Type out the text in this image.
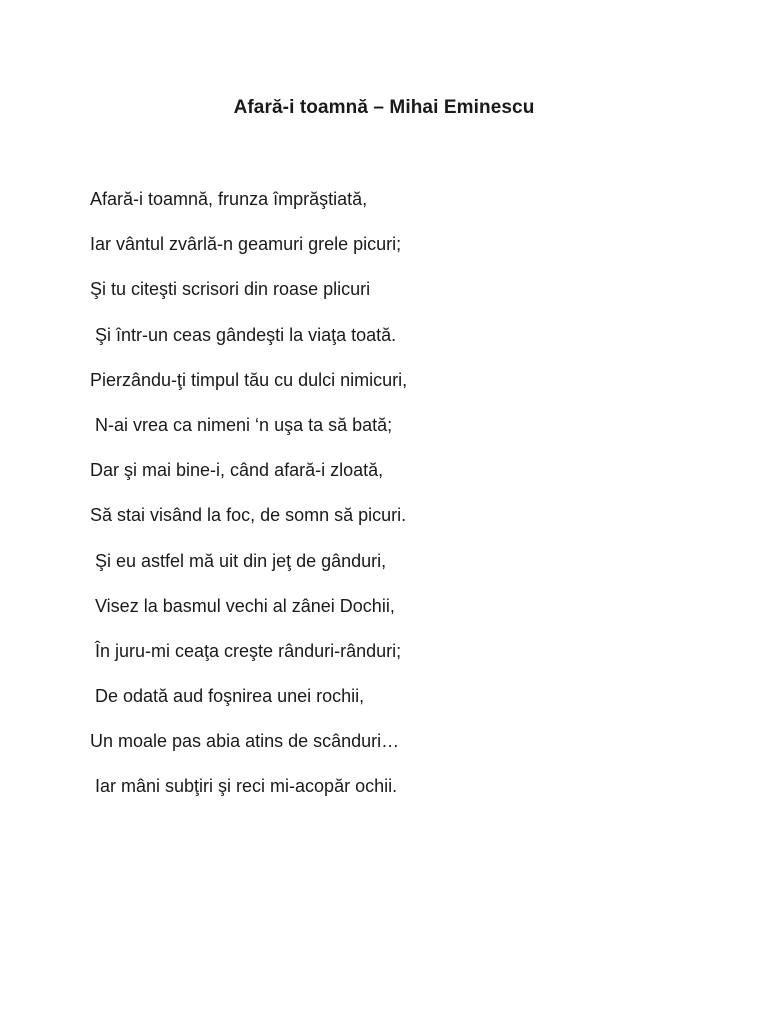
Afară-i toamnă – Mihai Eminescu
Afară-i toamnă, frunza împrăştiată,
Iar vântul zvârlă-n geamuri grele picuri;
Şi tu citeşti scrisori din roase plicuri
Şi într-un ceas gândeşti la viaţa toată.
Pierzându-ţi timpul tău cu dulci nimicuri,
N-ai vrea ca nimeni ‘n uşa ta să bată;
Dar şi mai bine-i, când afară-i zloată,
Să stai visând la foc, de somn să picuri.
Şi eu astfel mă uit din jeţ de gânduri,
Visez la basmul vechi al zânei Dochii,
În juru-mi ceaţa creşte rânduri-rânduri;
De odată aud foşnirea unei rochii,
Un moale pas abia atins de scânduri…
Iar mâni subţiri şi reci mi-acopăr ochii.
